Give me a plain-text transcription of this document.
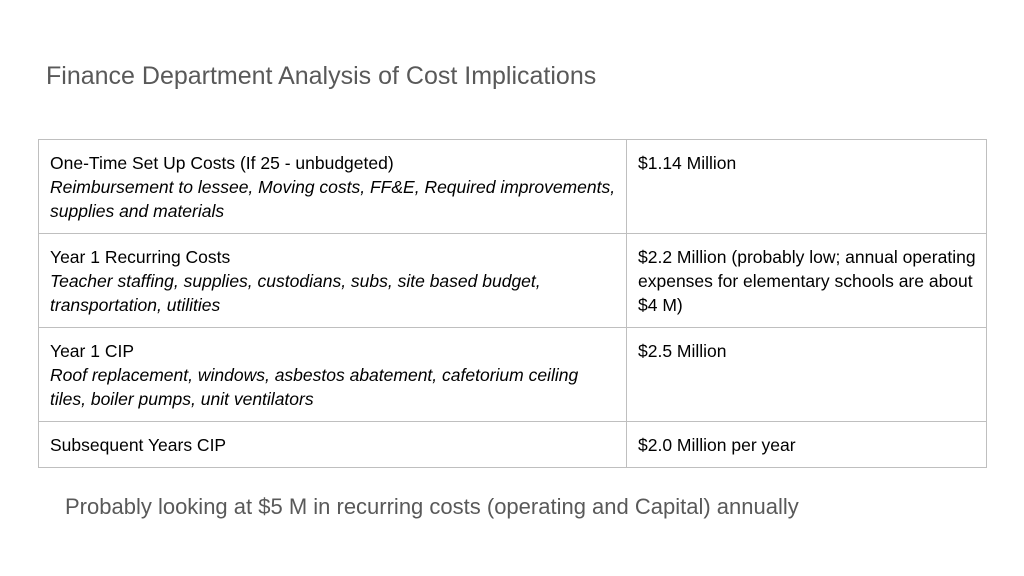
Finance Department Analysis of Cost Implications
One-Time Set Up Costs (If 25 - unbudgeted)
Reimbursement to lessee, Moving costs, FF&E, Required improvements, supplies and materials	$1.14 Million

Year 1 Recurring Costs
Teacher staffing, supplies, custodians, subs, site based budget, transportation, utilities	$2.2 Million (probably low; annual operating expenses for elementary schools are about $4 M)

Year 1 CIP
Roof replacement, windows, asbestos abatement, cafetorium ceiling tiles, boiler pumps, unit ventilators	$2.5 Million

Subsequent Years CIP	$2.0 Million per year
Probably looking at $5 M in recurring costs (operating and Capital) annually
